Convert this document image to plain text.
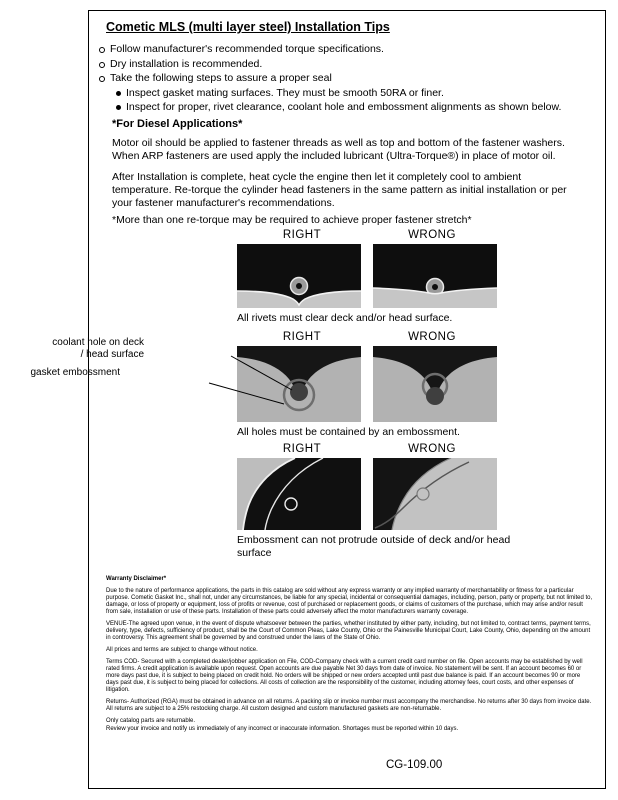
Cometic MLS (multi layer steel) Installation Tips
Follow manufacturer's recommended torque specifications.
Dry installation is recommended.
Take the following steps to assure a proper seal
Inspect gasket mating surfaces. They must be smooth 50RA or finer.
Inspect for proper, rivet clearance, coolant hole and embossment alignments as shown below.
*For Diesel Applications*

Motor oil should be applied to fastener threads as well as top and bottom of the fastener washers. When ARP fasteners are used apply the included lubricant (Ultra-Torque®) in place of motor oil.

After Installation is complete, heat cycle the engine then let it completely cool to ambient temperature. Re-torque the cylinder head fasteners in the same pattern as initial installation or per your fastener manufacturer's recommendations.

*More than one re-torque may be required to achieve proper fastener stretch*

RIGHT	WRONG
All rivets must clear deck and/or head surface.
RIGHT	WRONG
All holes must be contained by an embossment.
RIGHT	WRONG
Embossment can not protrude outside of deck and/or head surface

Warranty Disclaimer*

Due to the nature of performance applications, the parts in this catalog are sold without any express warranty or any implied warranty of merchantability or fitness for a particular purpose. Cometic Gasket Inc., shall not, under any circumstances, be liable for any special, incidental or consequential damages, including, person, party or property, but not limited to, damage, or loss of property or equipment, loss of profits or revenue, cost of purchased or replacement goods, or claims of customers of the purchase, which may arise and/or result from sale, installation or use of these parts. Installation of these parts could adversely affect the motor manufacturers warranty coverage.

VENUE-The agreed upon venue, in the event of dispute whatsoever between the parties, whether instituted by either party, including, but not limited to, contract terms, payment terms, delivery, type, defects, sufficiency of product, shall be the Court of Common Pleas, Lake County, Ohio or the Painesville Municipal Court, Lake County, Ohio, depending on the amount in controversy. This agreement shall be governed by and construed under the laws of the State of Ohio.

All prices and terms are subject to change without notice.

Terms COD- Secured with a completed dealer/jobber application on File, COD-Company check with a current credit card number on file. Open accounts may be established by well rated firms. A credit application is available upon request. Open accounts are due payable Net 30 days from date of invoice. No statement will be sent. If an account becomes 60 or more days past due, it is subject to being placed on credit hold. No orders will be shipped or new orders accepted until past due balance is paid. If an account becomes 90 or more days past due, it is subject to being placed for collections. All costs of collection are the responsibility of the customer, including attorney fees, court costs, and other expenses of litigation.

Returns- Authorized (RGA) must be obtained in advance on all returns. A packing slip or invoice number must accompany the merchandise. No returns after 30 days from invoice date. All returns are subject to a 25% restocking charge. All custom designed and custom manufactured gaskets are non-returnable.

Only catalog parts are returnable.

Review your invoice and notify us immediately of any incorrect or inaccurate information. Shortages must be reported within 10 days.

CG-109.00
coolant hole on deck / head surface
gasket embossment
